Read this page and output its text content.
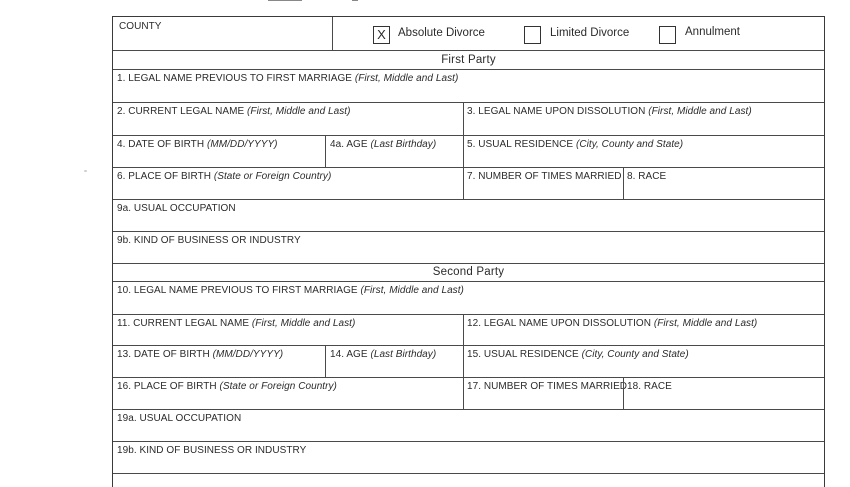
COUNTY
X	Absolute Divorce	Limited Divorce	Annulment
First Party
1. LEGAL NAME PREVIOUS TO FIRST MARRIAGE (First, Middle and Last)
2. CURRENT LEGAL NAME (First, Middle and Last)	3. LEGAL NAME UPON DISSOLUTION (First, Middle and Last)
4. DATE OF BIRTH (MM/DD/YYYY)	4a. AGE (Last Birthday)	5. USUAL RESIDENCE (City, County and State)
6. PLACE OF BIRTH (State or Foreign Country)	7. NUMBER OF TIMES MARRIED 8. RACE
9a. USUAL OCCUPATION
9b. KIND OF BUSINESS OR INDUSTRY
Second Party
10. LEGAL NAME PREVIOUS TO FIRST MARRIAGE (First, Middle and Last)
11. CURRENT LEGAL NAME (First, Middle and Last)	12. LEGAL NAME UPON DISSOLUTION (First, Middle and Last)
13. DATE OF BIRTH (MM/DD/YYYY)	14. AGE (Last Birthday)	15. USUAL RESIDENCE (City, County and State)
16. PLACE OF BIRTH (State or Foreign Country)	17. NUMBER OF TIMES MARRIED 18. RACE
19a. USUAL OCCUPATION
19b. KIND OF BUSINESS OR INDUSTRY
